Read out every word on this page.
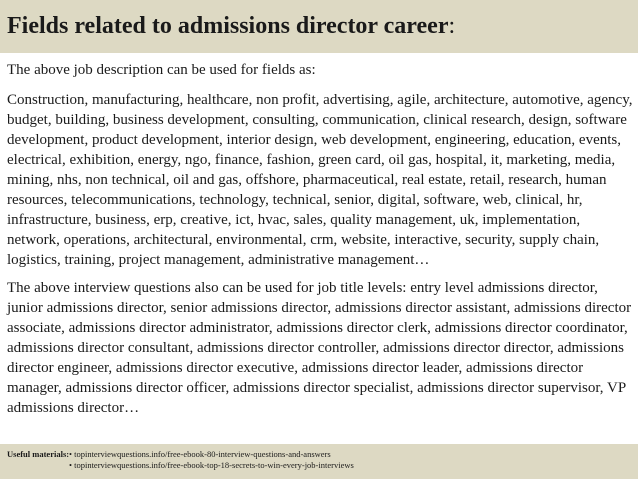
Fields related to admissions director career:

The above job description can be used for fields as:

Construction, manufacturing, healthcare, non profit, advertising, agile, architecture, automotive, agency, budget, building, business development, consulting, communication, clinical research, design, software development, product development, interior design, web development, engineering, education, events, electrical, exhibition, energy, ngo, finance, fashion, green card, oil gas, hospital, it, marketing, media, mining, nhs, non technical, oil and gas, offshore, pharmaceutical, real estate, retail, research, human resources, telecommunications, technology, technical, senior, digital, software, web, clinical, hr, infrastructure, business, erp, creative, ict, hvac, sales, quality management, uk, implementation, network, operations, architectural, environmental, crm, website, interactive, security, supply chain, logistics, training, project management, administrative management…

The above interview questions also can be used for job title levels: entry level admissions director, junior admissions director, senior admissions director, admissions director assistant, admissions director associate, admissions director administrator, admissions director clerk, admissions director coordinator, admissions director consultant, admissions director controller, admissions director director, admissions director engineer, admissions director executive, admissions director leader, admissions director manager, admissions director officer, admissions director specialist, admissions director supervisor, VP admissions director…

Useful materials: • topinterviewquestions.info/free-ebook-80-interview-questions-and-answers
• topinterviewquestions.info/free-ebook-top-18-secrets-to-win-every-job-interviews
